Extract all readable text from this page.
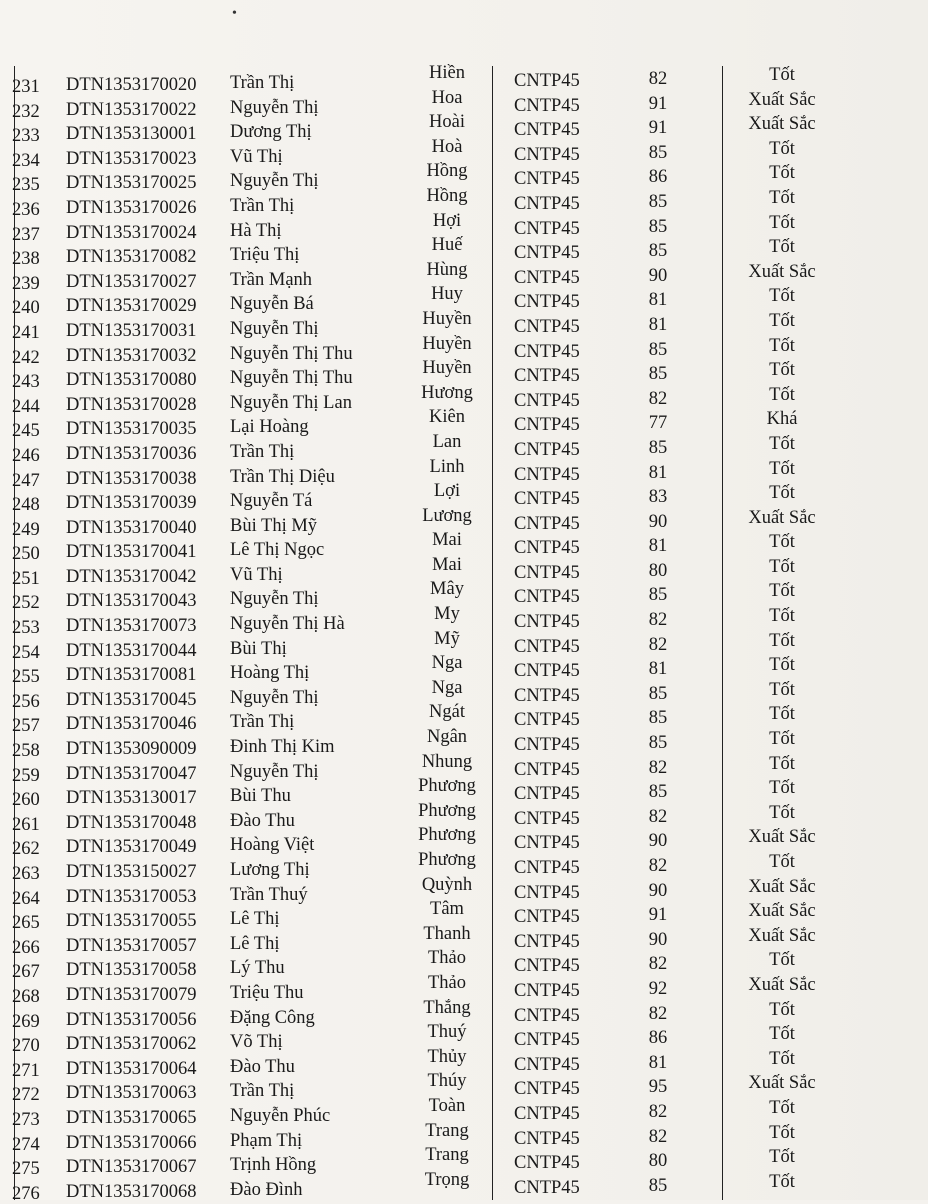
•
231 DTN1353170020 Trần Thị	Hiền	CNTP45	82	Tốt
232 DTN1353170022 Nguyễn Thị	Hoa	CNTP45	91	Xuất Sắc
233 DTN1353130001 Dương Thị	Hoài	CNTP45	91	Xuất Sắc
234 DTN1353170023 Vũ Thị	Hoà	CNTP45	85	Tốt
235 DTN1353170025 Nguyễn Thị	Hồng	CNTP45	86	Tốt
236 DTN1353170026 Trần Thị	Hồng	CNTP45	85	Tốt
237 DTN1353170024 Hà Thị	Hợi	CNTP45	85	Tốt
238 DTN1353170082 Triệu Thị	Huế	CNTP45	85	Tốt
239 DTN1353170027 Trần Mạnh	Hùng	CNTP45	90	Xuất Sắc
240 DTN1353170029 Nguyễn Bá	Huy	CNTP45	81	Tốt
241 DTN1353170031 Nguyễn Thị	Huyền	CNTP45	81	Tốt
242 DTN1353170032 Nguyễn Thị Thu	Huyền	CNTP45	85	Tốt
243 DTN1353170080 Nguyễn Thị Thu	Huyền	CNTP45	85	Tốt
244 DTN1353170028 Nguyễn Thị Lan	Hương	CNTP45	82	Tốt
245 DTN1353170035 Lại Hoàng	Kiên	CNTP45	77	Khá
246 DTN1353170036 Trần Thị	Lan	CNTP45	85	Tốt
247 DTN1353170038 Trần Thị Diệu	Linh	CNTP45	81	Tốt
248 DTN1353170039 Nguyễn Tá	Lợi	CNTP45	83	Tốt
249 DTN1353170040 Bùi Thị Mỹ	Lương	CNTP45	90	Xuất Sắc
250 DTN1353170041 Lê Thị Ngọc	Mai	CNTP45	81	Tốt
251 DTN1353170042 Vũ Thị	Mai	CNTP45	80	Tốt
252 DTN1353170043 Nguyễn Thị	Mây	CNTP45	85	Tốt
253 DTN1353170073 Nguyễn Thị Hà	My	CNTP45	82	Tốt
254 DTN1353170044 Bùi Thị	Mỹ	CNTP45	82	Tốt
255 DTN1353170081 Hoàng Thị	Nga	CNTP45	81	Tốt
256 DTN1353170045 Nguyễn Thị	Nga	CNTP45	85	Tốt
257 DTN1353170046 Trần Thị	Ngát	CNTP45	85	Tốt
258 DTN1353090009 Đinh Thị Kim	Ngân	CNTP45	85	Tốt
259 DTN1353170047 Nguyễn Thị	Nhung	CNTP45	82	Tốt
260 DTN1353130017 Bùi Thu	Phương	CNTP45	85	Tốt
261 DTN1353170048 Đào Thu	Phương	CNTP45	82	Tốt
262 DTN1353170049 Hoàng Việt	Phương	CNTP45	90	Xuất Sắc
263 DTN1353150027 Lương Thị	Phương	CNTP45	82	Tốt
264 DTN1353170053 Trần Thuý	Quỳnh	CNTP45	90	Xuất Sắc
265 DTN1353170055 Lê Thị	Tâm	CNTP45	91	Xuất Sắc
266 DTN1353170057 Lê Thị	Thanh	CNTP45	90	Xuất Sắc
267 DTN1353170058 Lý Thu	Thảo	CNTP45	82	Tốt
268 DTN1353170079 Triệu Thu	Thảo	CNTP45	92	Xuất Sắc
269 DTN1353170056 Đặng Công	Thắng	CNTP45	82	Tốt
270 DTN1353170062 Võ Thị	Thuý	CNTP45	86	Tốt
271 DTN1353170064 Đào Thu	Thủy	CNTP45	81	Tốt
272 DTN1353170063 Trần Thị	Thúy	CNTP45	95	Xuất Sắc
273 DTN1353170065 Nguyễn Phúc	Toàn	CNTP45	82	Tốt
274 DTN1353170066 Phạm Thị	Trang	CNTP45	82	Tốt
275 DTN1353170067 Trịnh Hồng	Trang	CNTP45	80	Tốt
276 DTN1353170068 Đào Đình	Trọng	CNTP45	85	Tốt
